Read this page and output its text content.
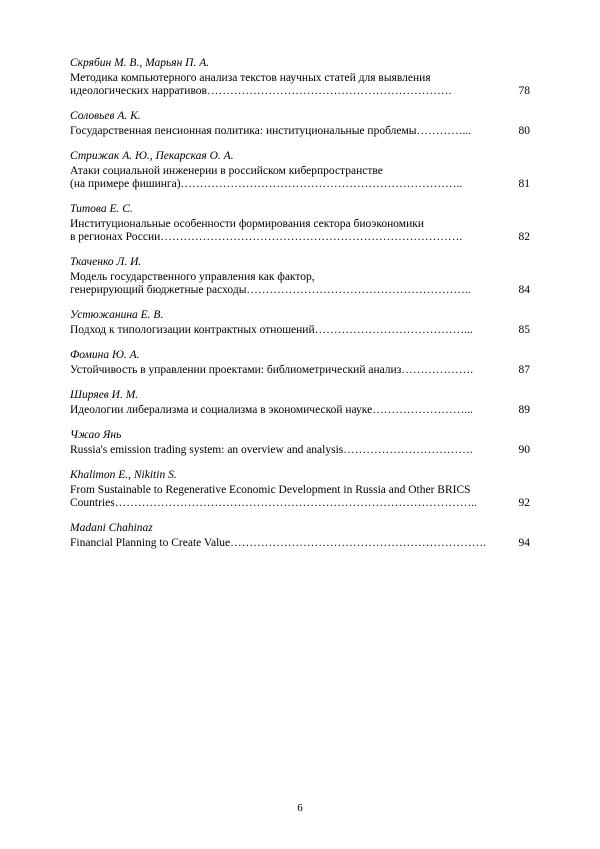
Скрябин М. В., Марьян П. А.
Методика компьютерного анализа текстов научных статей для выявления
идеологических нарративов……………………………………………………….	78
Соловьев А. К.
Государственная пенсионная политика: институциональные проблемы…………...	80
Стрижак А. Ю., Пекарская О. А.
Атаки социальной инженерии в российском киберпространстве
(на примере фишинга)………………………………………………………………..	81
Титова Е. С.
Институциональные особенности формирования сектора биоэкономики
в регионах России…………………………………………………………………….	82
Ткаченко Л. И.
Модель государственного управления как фактор,
генерирующий бюджетные расходы…………………………………………………..	84
Устюжанина Е. В.
Подход к типологизации контрактных отношений…………………………………...	85
Фомина Ю. А.
Устойчивость в управлении проектами: библиометрический анализ……………….	87
Ширяев И. М.
Идеологии либерализма и социализма в экономической науке……………………...	89
Чжао Янь
Russia's emission trading system: an overview and analysis…………………………….	90
Khalimon E., Nikitin S.
From Sustainable to Regenerative Economic Development in Russia and Other BRICS
Countries…………………………………………………………………………………..	92
Madani Chahinaz
Financial Planning to Create Value………………………………………………………….	94
6
